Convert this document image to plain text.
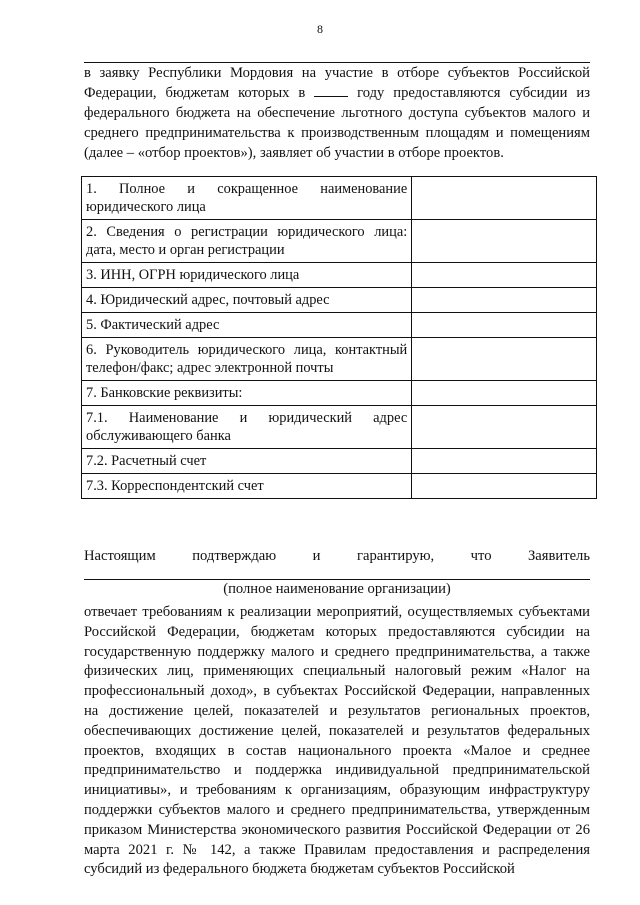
8

в заявку Республики Мордовия на участие в отборе субъектов Российской Федерации, бюджетам которых в	году предоставляются субсидии из федерального бюджета на обеспечение льготного доступа субъектов малого и среднего предпринимательства к производственным площадям и помещениям (далее – «отбор проектов»), заявляет об участии в отборе проектов.

1. Полное и сокращенное наименование юридического лица	
2. Сведения о регистрации юридического лица: дата, место и орган регистрации	
3. ИНН, ОГРН юридического лица	
4. Юридический адрес, почтовый адрес	
5. Фактический адрес	
6. Руководитель юридического лица, контактный телефон/факс; адрес электронной почты	
7. Банковские реквизиты:	
7.1. Наименование и юридический адрес обслуживающего банка	
7.2. Расчетный счет	
7.3. Корреспондентский счет	
Настоящим	подтверждаю	и	гарантирую,	что	Заявитель
(полное наименование организации)

отвечает требованиям к реализации мероприятий, осуществляемых субъектами Российской Федерации, бюджетам которых предоставляются субсидии на государственную поддержку малого и среднего предпринимательства, а также физических лиц, применяющих специальный налоговый режим «Налог на профессиональный доход», в субъектах Российской Федерации, направленных на достижение целей, показателей и результатов региональных проектов, обеспечивающих достижение целей, показателей и результатов федеральных проектов, входящих в состав национального проекта «Малое и среднее предпринимательство и поддержка индивидуальной предпринимательской инициативы», и требованиям к организациям, образующим инфраструктуру поддержки субъектов малого и среднего предпринимательства, утвержденным приказом Министерства экономического развития Российской Федерации от 26 марта 2021 г. № 142, а также Правилам предоставления и распределения субсидий из федерального бюджета бюджетам субъектов Российской
